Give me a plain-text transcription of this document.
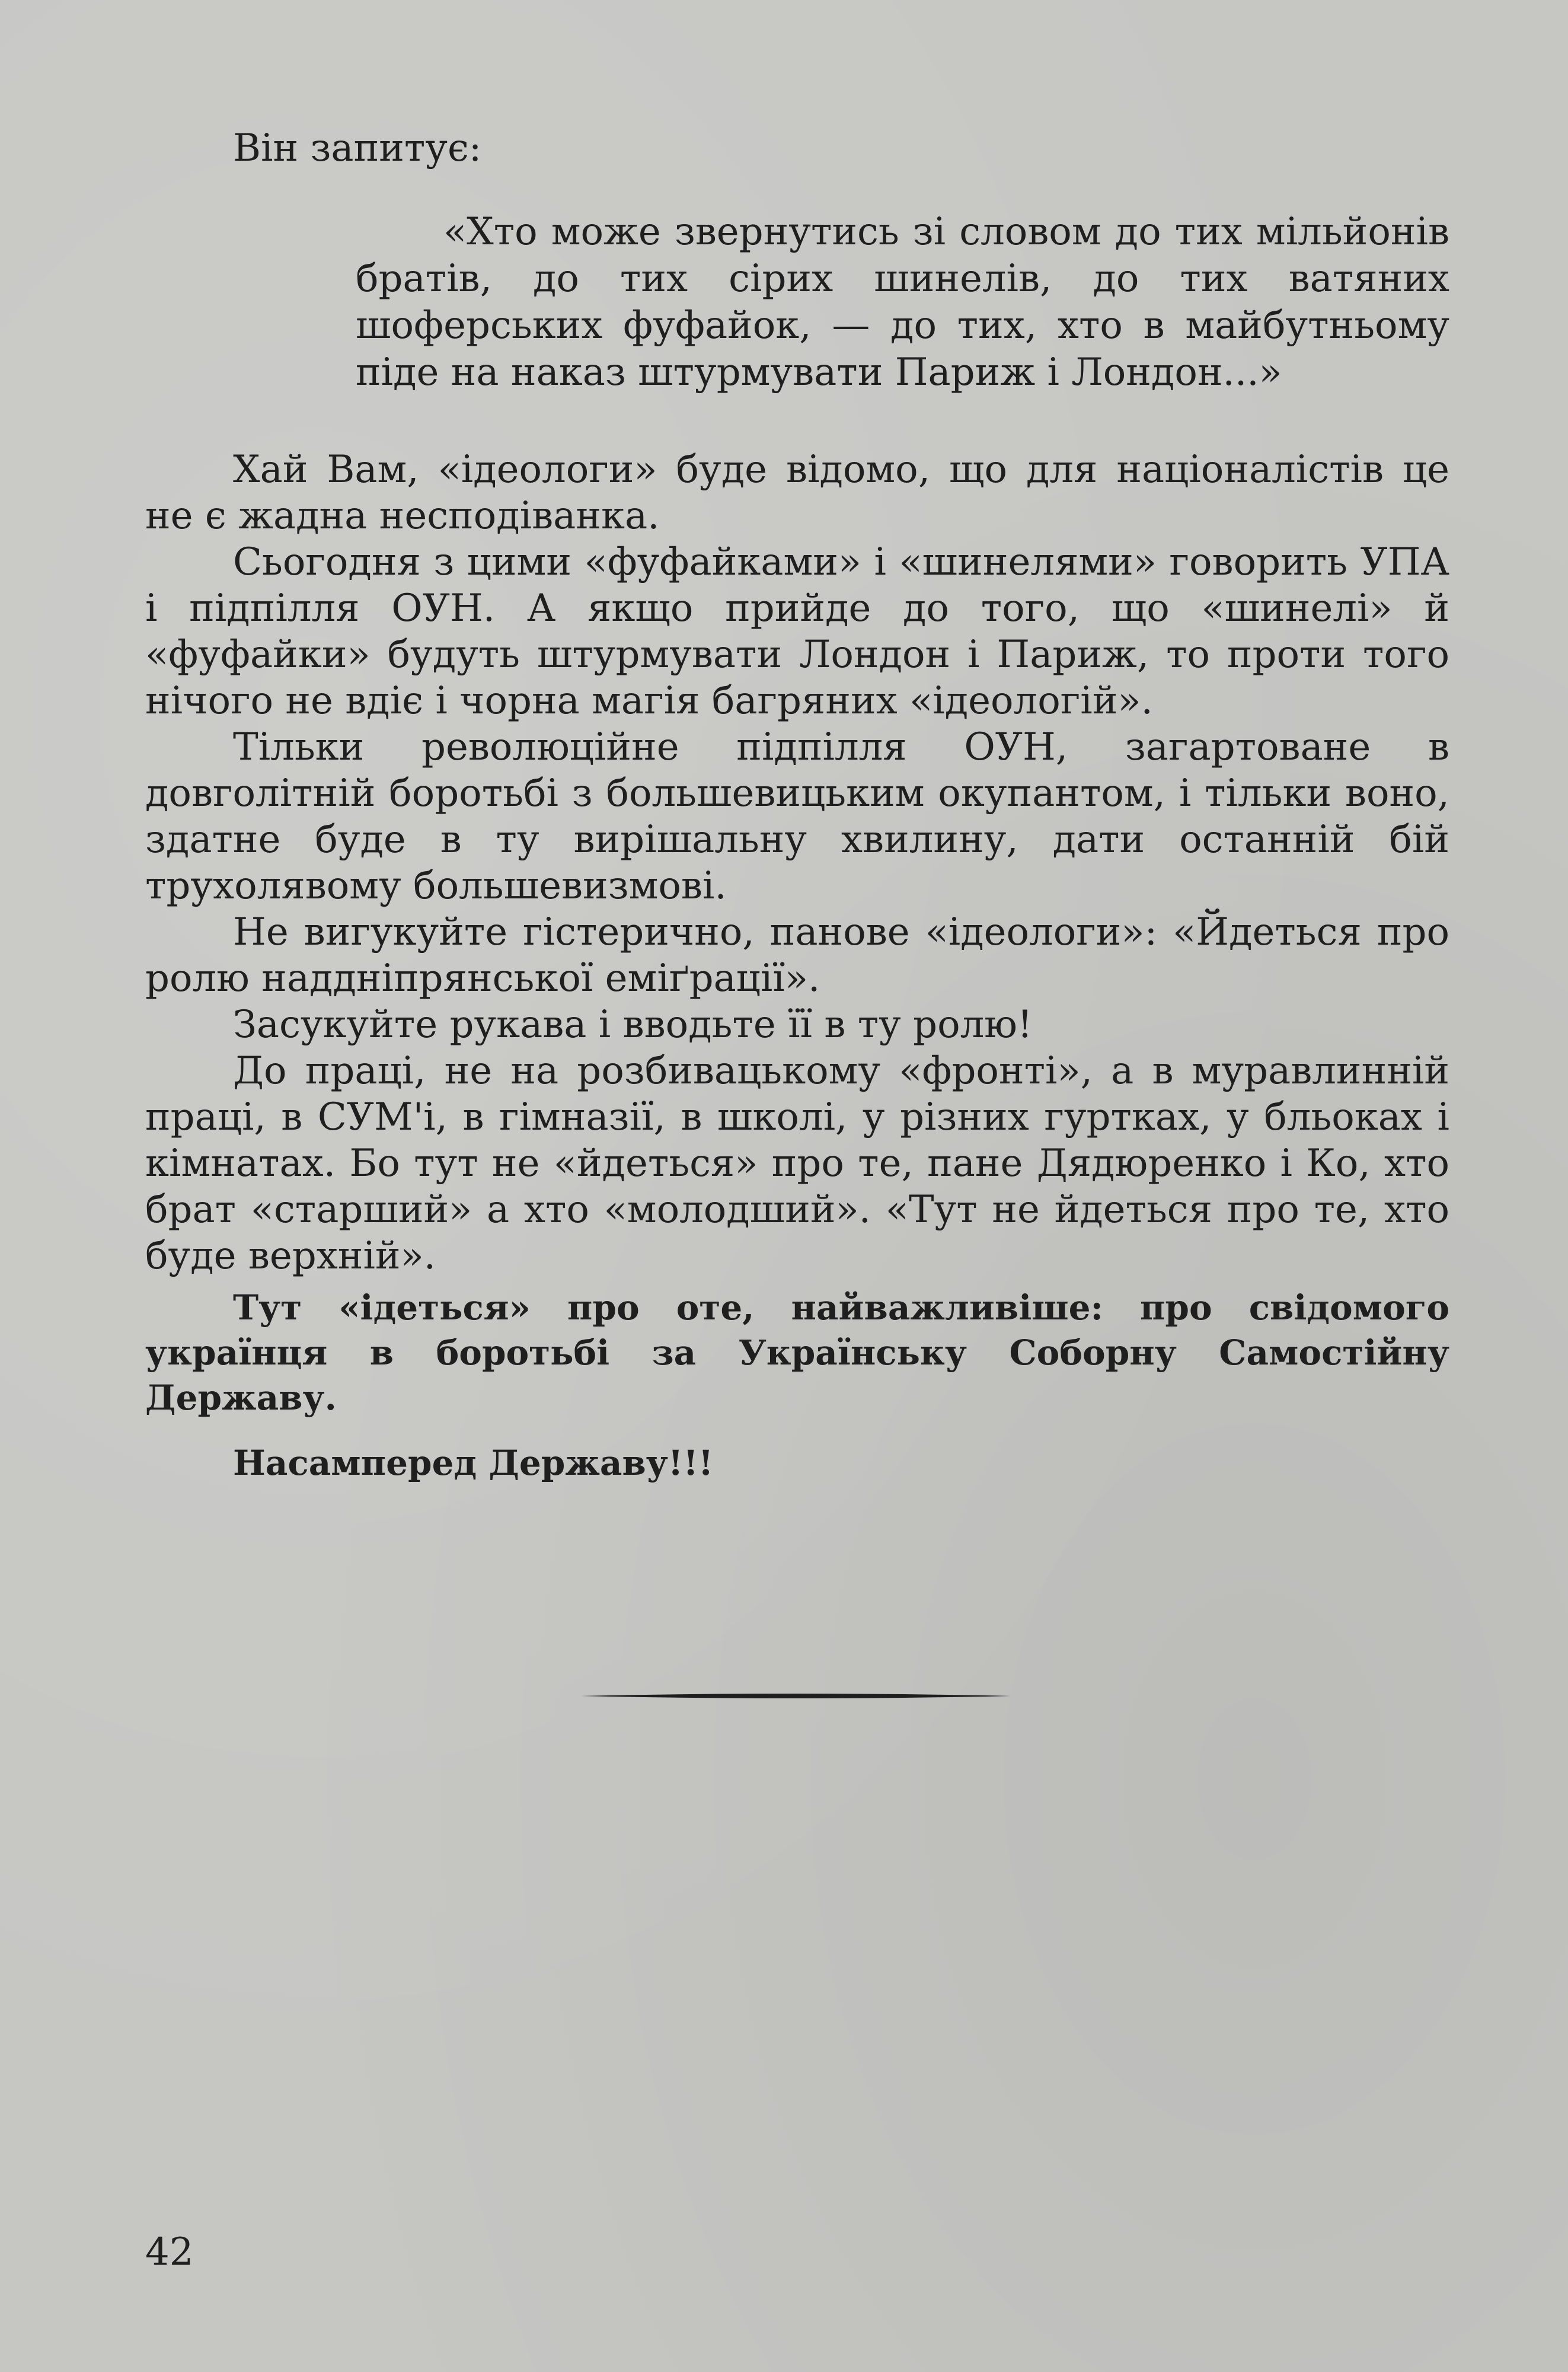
Він запитує:

«Хто може звернутись зі словом до тих мільйонів братів, до тих сірих шинелів, до тих ватяних шоферських фуфайок, — до тих, хто в майбутньому піде на наказ штурмувати Париж і Лондон...»

Хай Вам, «ідеологи» буде відомо, що для націоналістів це не є жадна несподіванка.

Сьогодня з цими «фуфайками» і «шинелями» говорить УПА і підпілля ОУН. А якщо прийде до того, що «шинелі» й «фуфайки» будуть штурмувати Лондон і Париж, то проти того нічого не вдіє і чорна магія багряних «ідеологій».

Тільки революційне підпілля ОУН, загартоване в довголітній боротьбі з большевицьким окупантом, і тільки воно, здатне буде в ту вирішальну хвилину, дати останній бій трухолявому большевизмові.

Не вигукуйте гістерично, панове «ідеологи»: «Йдеться про ролю наддніпрянської еміґрації».

Засукуйте рукава і вводьте її в ту ролю!

До праці, не на розбивацькому «фронті», а в муравлинній праці, в СУМ'і, в гімназії, в школі, у різних гуртках, у бльоках і кімнатах. Бо тут не «йдеться» про те, пане Дядюренко і Ко, хто брат «старший» а хто «молодший». «Тут не йдеться про те, хто буде верхній».

Тут «ідеться» про оте, найважливіше: про свідомого українця в боротьбі за Українську Соборну Самостійну Державу.

Насамперед Державу!!!

42
